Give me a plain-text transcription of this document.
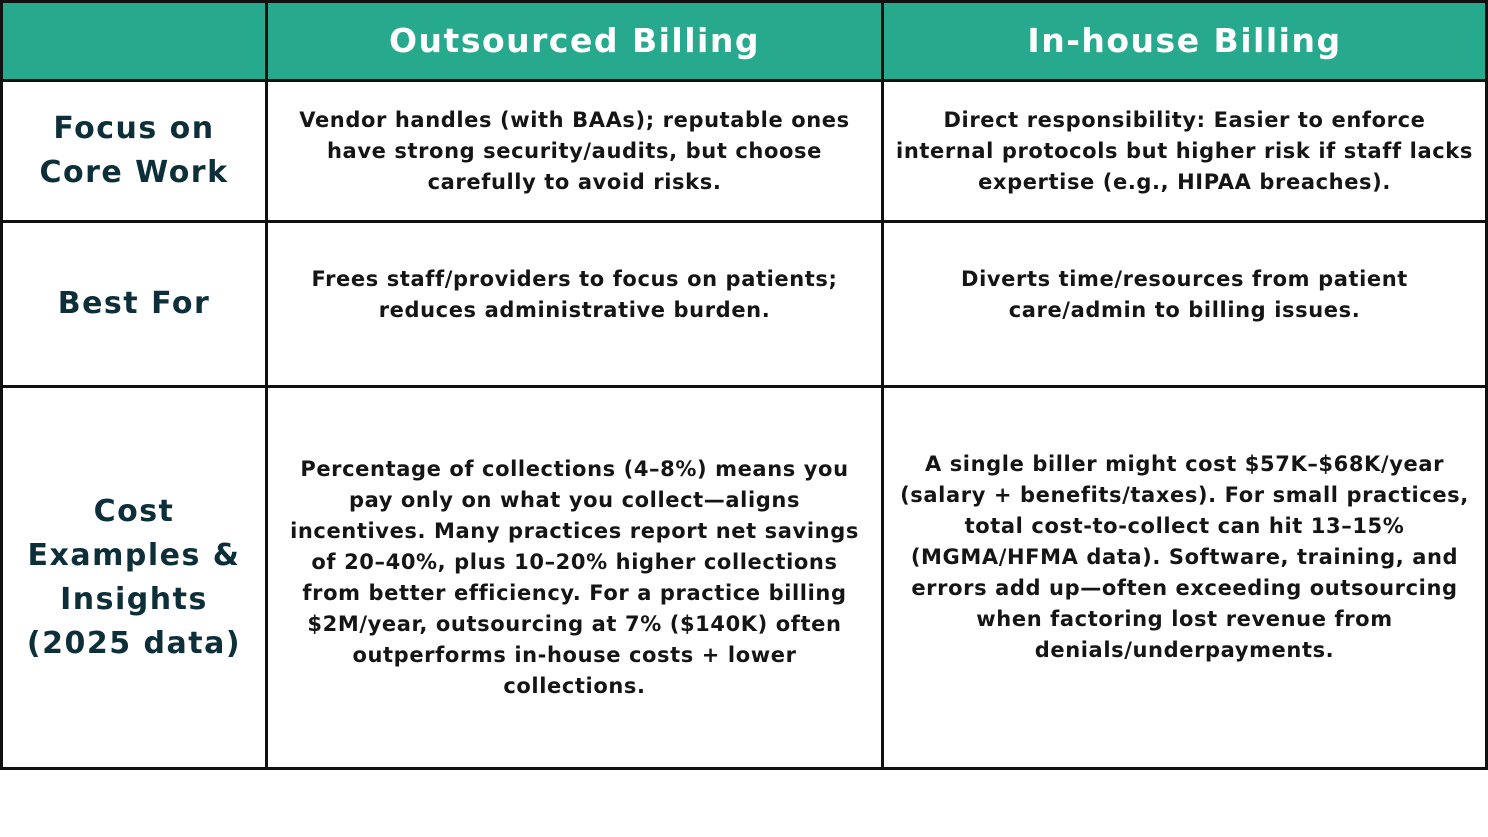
Outsourced Billing	In-house Billing
Focus on Core Work
Vendor handles (with BAAs); reputable ones have strong security/audits, but choose carefully to avoid risks.
Direct responsibility: Easier to enforce internal protocols but higher risk if staff lacks expertise (e.g., HIPAA breaches).
Best For
Frees staff/providers to focus on patients; reduces administrative burden.
Diverts time/resources from patient care/admin to billing issues.
Cost Examples & Insights (2025 data)
Percentage of collections (4–8%) means you pay only on what you collect—aligns incentives. Many practices report net savings of 20–40%, plus 10–20% higher collections from better efficiency. For a practice billing $2M/year, outsourcing at 7% ($140K) often outperforms in-house costs + lower collections.
A single biller might cost $57K–$68K/year (salary + benefits/taxes). For small practices, total cost-to-collect can hit 13–15% (MGMA/HFMA data). Software, training, and errors add up—often exceeding outsourcing when factoring lost revenue from denials/underpayments.
